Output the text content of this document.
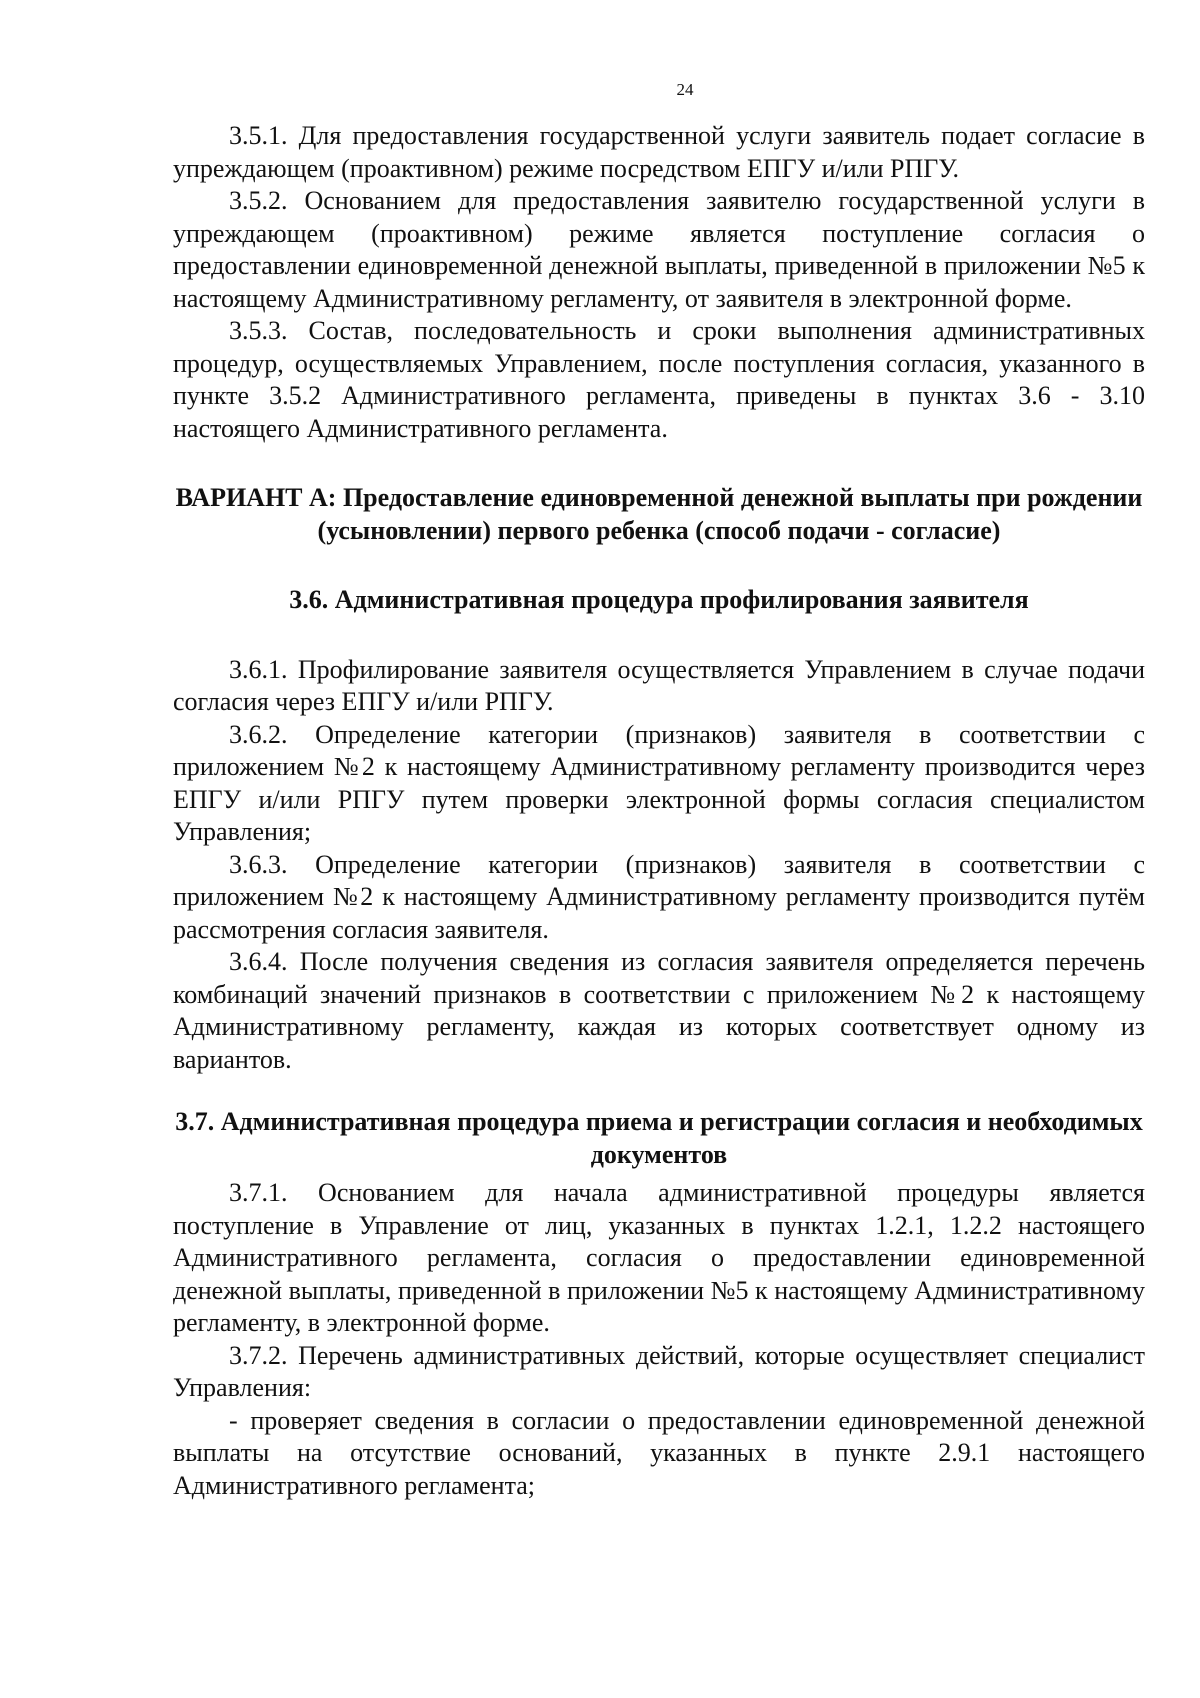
24

3.5.1. Для предоставления государственной услуги заявитель подает согласие в упреждающем (проактивном) режиме посредством ЕПГУ и/или РПГУ.

3.5.2. Основанием для предоставления заявителю государственной услуги в упреждающем (проактивном) режиме является поступление согласия о предоставлении единовременной денежной выплаты, приведенной в приложении №5 к настоящему Административному регламенту, от заявителя в электронной форме.

3.5.3. Состав, последовательность и сроки выполнения административных процедур, осуществляемых Управлением, после поступления согласия, указанного в пункте 3.5.2 Административного регламента, приведены в пунктах 3.6 - 3.10 настоящего Административного регламента.

ВАРИАНТ А: Предоставление единовременной денежной выплаты при рождении (усыновлении) первого ребенка (способ подачи - согласие)

3.6. Административная процедура профилирования заявителя

3.6.1. Профилирование заявителя осуществляется Управлением в случае подачи согласия через ЕПГУ и/или РПГУ.

3.6.2. Определение категории (признаков) заявителя в соответствии с приложением №2 к настоящему Административному регламенту производится через ЕПГУ и/или РПГУ путем проверки электронной формы согласия специалистом Управления;

3.6.3. Определение категории (признаков) заявителя в соответствии с приложением №2 к настоящему Административному регламенту производится путём рассмотрения согласия заявителя.

3.6.4. После получения сведения из согласия заявителя определяется перечень комбинаций значений признаков в соответствии с приложением №2 к настоящему Административному регламенту, каждая из которых соответствует одному из вариантов.

3.7. Административная процедура приема и регистрации согласия и необходимых документов

3.7.1. Основанием для начала административной процедуры является поступление в Управление от лиц, указанных в пунктах 1.2.1, 1.2.2 настоящего Административного регламента, согласия о предоставлении единовременной денежной выплаты, приведенной в приложении №5 к настоящему Административному регламенту, в электронной форме.

3.7.2. Перечень административных действий, которые осуществляет специалист Управления:

- проверяет сведения в согласии о предоставлении единовременной денежной выплаты на отсутствие оснований, указанных в пункте 2.9.1 настоящего Административного регламента;
